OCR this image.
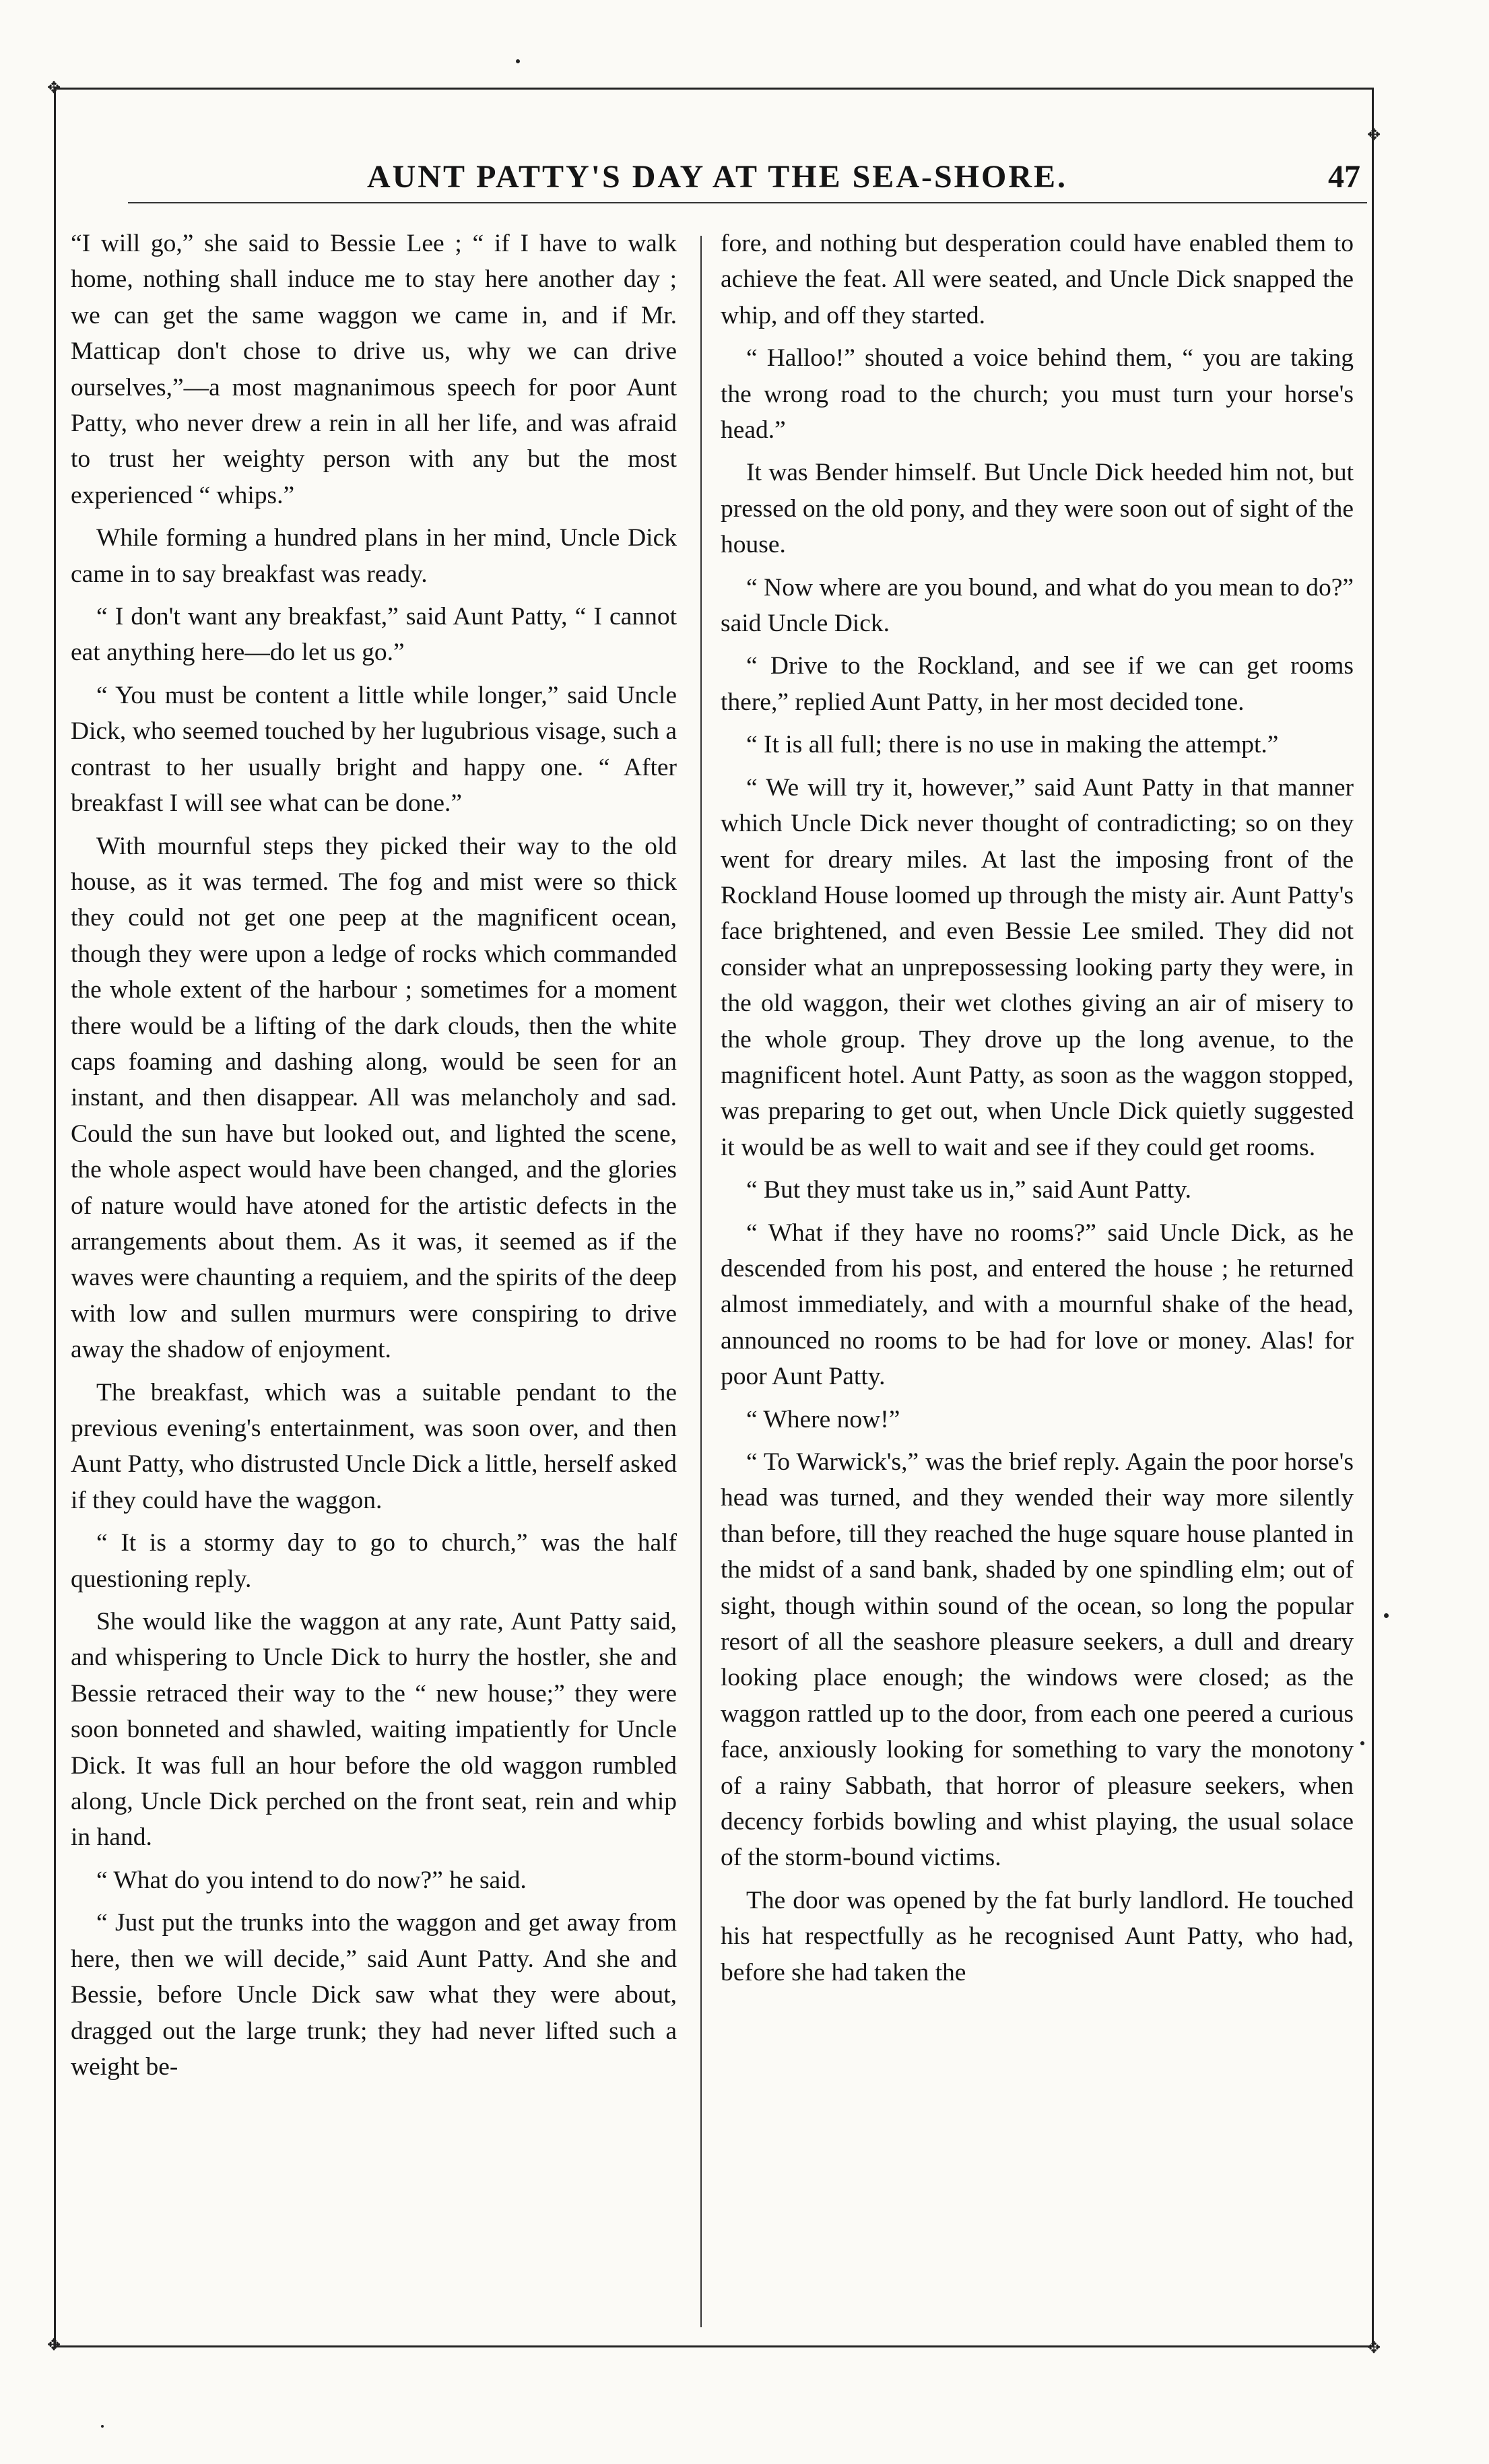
✥
✥
✥	✥
AUNT PATTY'S DAY AT THE SEA-SHORE.	47

“I will go,” she said to Bessie Lee ; “ if I have to walk home, nothing shall induce me to stay here another day ; we can get the same waggon we came in, and if Mr. Matticap don't chose to drive us, why we can drive ourselves,”—a most magnanimous speech for poor Aunt Patty, who never drew a rein in all her life, and was afraid to trust her weighty person with any but the most experienced “ whips.”

While forming a hundred plans in her mind, Uncle Dick came in to say breakfast was ready.

“ I don't want any breakfast,” said Aunt Patty, “ I cannot eat anything here—do let us go.”

“ You must be content a little while longer,” said Uncle Dick, who seemed touched by her lugubrious visage, such a contrast to her usually bright and happy one. “ After breakfast I will see what can be done.”

With mournful steps they picked their way to the old house, as it was termed. The fog and mist were so thick they could not get one peep at the magnificent ocean, though they were upon a ledge of rocks which commanded the whole extent of the harbour ; sometimes for a moment there would be a lifting of the dark clouds, then the white caps foaming and dashing along, would be seen for an instant, and then disappear. All was melancholy and sad. Could the sun have but looked out, and lighted the scene, the whole aspect would have been changed, and the glories of nature would have atoned for the artistic defects in the arrangements about them. As it was, it seemed as if the waves were chaunting a requiem, and the spirits of the deep with low and sullen murmurs were conspiring to drive away the shadow of enjoyment.

The breakfast, which was a suitable pendant to the previous evening's entertainment, was soon over, and then Aunt Patty, who distrusted Uncle Dick a little, herself asked if they could have the waggon.

“ It is a stormy day to go to church,” was the half questioning reply.

She would like the waggon at any rate, Aunt Patty said, and whispering to Uncle Dick to hurry the hostler, she and Bessie retraced their way to the “ new house;” they were soon bonneted and shawled, waiting impatiently for Uncle Dick. It was full an hour before the old waggon rumbled along, Uncle Dick perched on the front seat, rein and whip in hand.

“ What do you intend to do now?” he said.

“ Just put the trunks into the waggon and get away from here, then we will decide,” said Aunt Patty. And she and Bessie, before Uncle Dick saw what they were about, dragged out the large trunk; they had never lifted such a weight be-

fore, and nothing but desperation could have enabled them to achieve the feat. All were seated, and Uncle Dick snapped the whip, and off they started.

“ Halloo!” shouted a voice behind them, “ you are taking the wrong road to the church; you must turn your horse's head.”

It was Bender himself. But Uncle Dick heeded him not, but pressed on the old pony, and they were soon out of sight of the house.

“ Now where are you bound, and what do you mean to do?” said Uncle Dick.

“ Drive to the Rockland, and see if we can get rooms there,” replied Aunt Patty, in her most decided tone.

“ It is all full; there is no use in making the attempt.”

“ We will try it, however,” said Aunt Patty in that manner which Uncle Dick never thought of contradicting; so on they went for dreary miles. At last the imposing front of the Rockland House loomed up through the misty air. Aunt Patty's face brightened, and even Bessie Lee smiled. They did not consider what an unprepossessing looking party they were, in the old waggon, their wet clothes giving an air of misery to the whole group. They drove up the long avenue, to the magnificent hotel. Aunt Patty, as soon as the waggon stopped, was preparing to get out, when Uncle Dick quietly suggested it would be as well to wait and see if they could get rooms.

“ But they must take us in,” said Aunt Patty.

“ What if they have no rooms?” said Uncle Dick, as he descended from his post, and entered the house ; he returned almost immediately, and with a mournful shake of the head, announced no rooms to be had for love or money. Alas! for poor Aunt Patty.

“ Where now!”

“ To Warwick's,” was the brief reply. Again the poor horse's head was turned, and they wended their way more silently than before, till they reached the huge square house planted in the midst of a sand bank, shaded by one spindling elm; out of sight, though within sound of the ocean, so long the popular resort of all the seashore pleasure seekers, a dull and dreary looking place enough; the windows were closed; as the waggon rattled up to the door, from each one peered a curious face, anxiously looking for something to vary the monotony of a rainy Sabbath, that horror of pleasure seekers, when decency forbids bowling and whist playing, the usual solace of the storm-bound victims.

The door was opened by the fat burly landlord. He touched his hat respectfully as he recognised Aunt Patty, who had, before she had taken the
